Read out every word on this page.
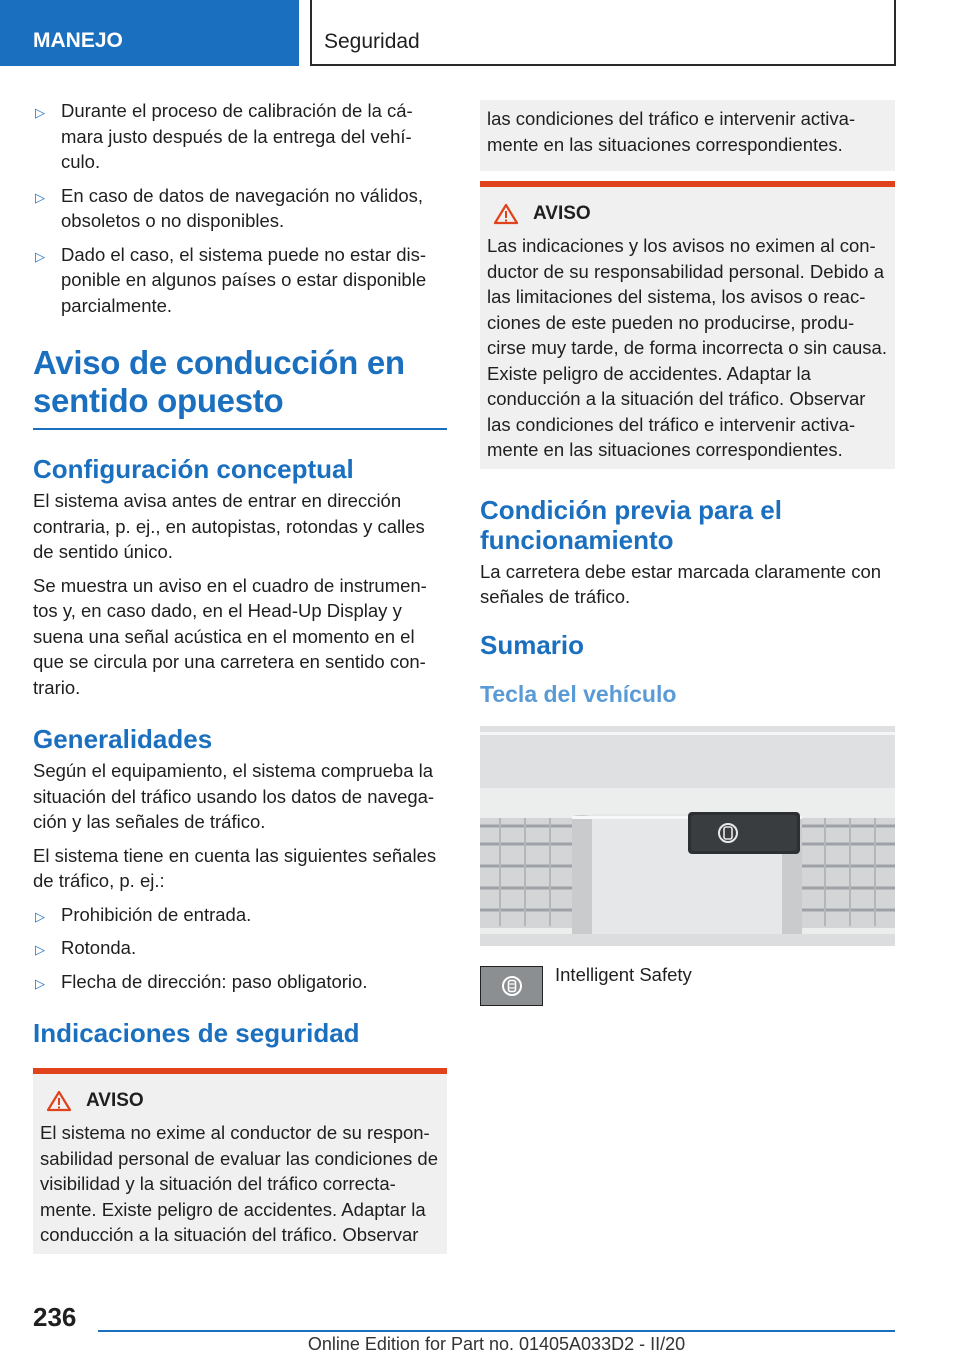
MANEJO	Seguridad
▷ Durante el proceso de calibración de la cá-mara justo después de la entrega del vehí-culo.
▷ En caso de datos de navegación no válidos, obsoletos o no disponibles.
▷ Dado el caso, el sistema puede no estar dis-ponible en algunos países o estar disponible parcialmente.
Aviso de conducción en sentido opuesto
Configuración conceptual

El sistema avisa antes de entrar en dirección contraria, p. ej., en autopistas, rotondas y calles de sentido único.

Se muestra un aviso en el cuadro de instrumen-tos y, en caso dado, en el Head-Up Display y suena una señal acústica en el momento en el que se circula por una carretera en sentido con-trario.

Generalidades

Según el equipamiento, el sistema comprueba la situación del tráfico usando los datos de navega-ción y las señales de tráfico.

El sistema tiene en cuenta las siguientes señales de tráfico, p. ej.:

▷ Prohibición de entrada.
▷ Rotonda.
▷ Flecha de dirección: paso obligatorio.
Indicaciones de seguridad
AVISO

El sistema no exime al conductor de su respon-sabilidad personal de evaluar las condiciones de visibilidad y la situación del tráfico correcta-mente. Existe peligro de accidentes. Adaptar la conducción a la situación del tráfico. Observar

las condiciones del tráfico e intervenir activa-mente en las situaciones correspondientes.

AVISO

Las indicaciones y los avisos no eximen al con-ductor de su responsabilidad personal. Debido a las limitaciones del sistema, los avisos o reac-ciones de este pueden no producirse, produ-cirse muy tarde, de forma incorrecta o sin causa. Existe peligro de accidentes. Adaptar la conducción a la situación del tráfico. Observar las condiciones del tráfico e intervenir activa-mente en las situaciones correspondientes.

Condición previa para el funcionamiento

La carretera debe estar marcada claramente con señales de tráfico.

Sumario
Tecla del vehículo
Intelligent Safety
236
Online Edition for Part no. 01405A033D2 - II/20
